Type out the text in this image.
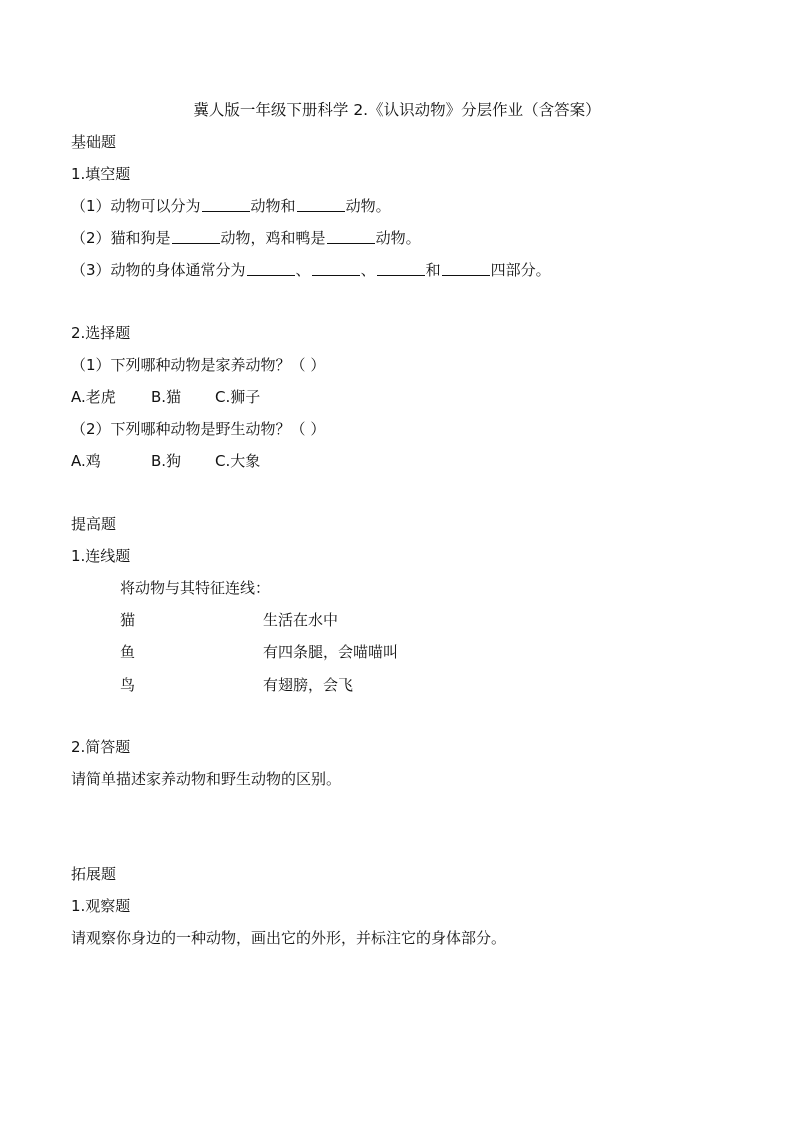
冀人版一年级下册科学 2.《认识动物》分层作业（含答案）
基础题
1.填空题
（1）动物可以分为	动物和	动物。
（2）猫和狗是	动物，鸡和鸭是	动物。
（3）动物的身体通常分为	、	、	和	四部分。
2.选择题
（1）下列哪种动物是家养动物？（ ）
A.老虎 B.猫 C.狮子
（2）下列哪种动物是野生动物？（ ）
A.鸡	B.狗 C.大象
提高题
1.连线题
将动物与其特征连线：
猫	生活在水中
鱼	有四条腿，会喵喵叫
鸟	有翅膀，会飞
2.简答题
请简单描述家养动物和野生动物的区别。
拓展题
1.观察题
请观察你身边的一种动物，画出它的外形，并标注它的身体部分。
